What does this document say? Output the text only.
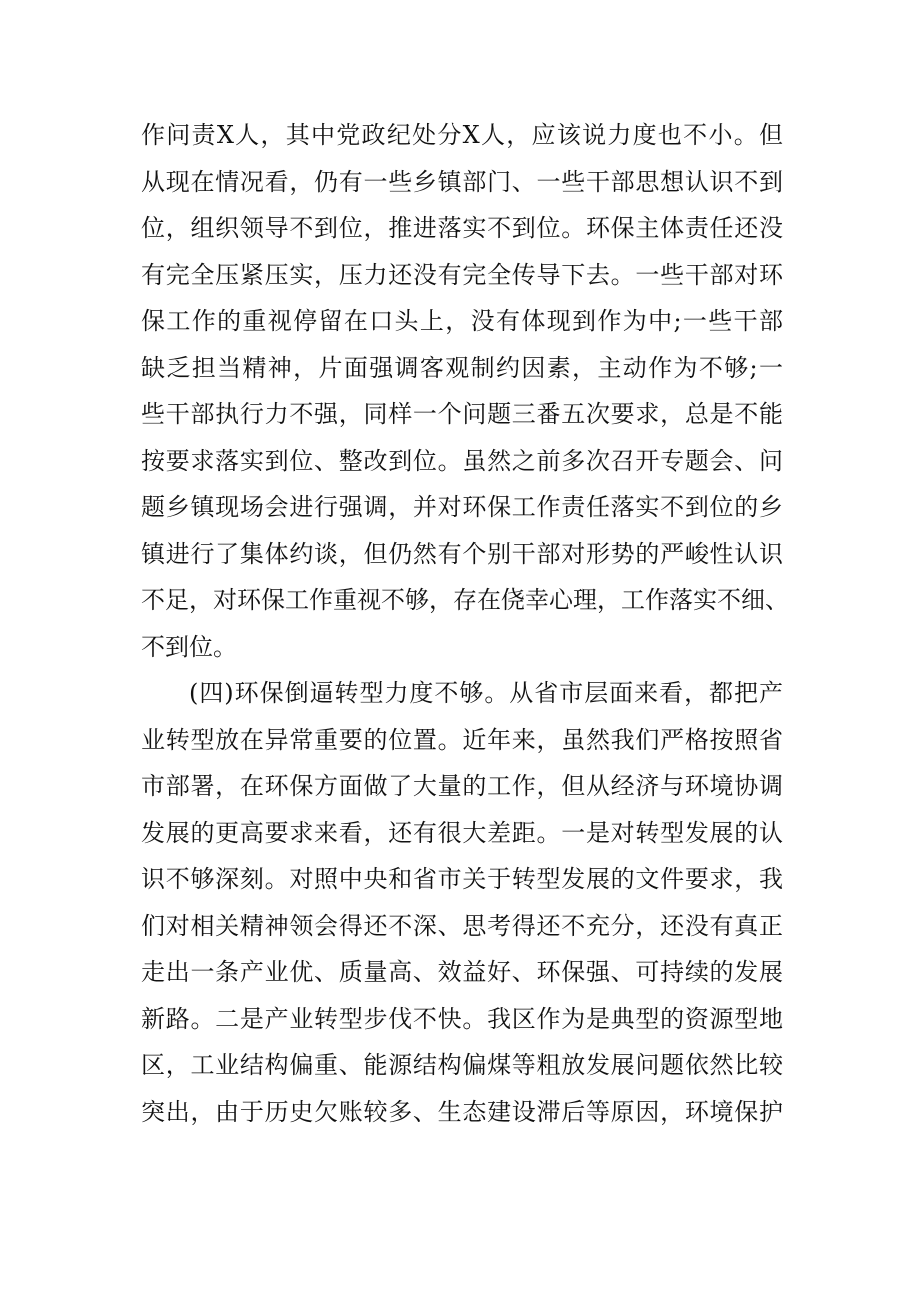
作问责X人，其中党政纪处分X人，应该说力度也不小。但
从现在情况看，仍有一些乡镇部门、一些干部思想认识不到
位，组织领导不到位，推进落实不到位。环保主体责任还没
有完全压紧压实，压力还没有完全传导下去。一些干部对环
保工作的重视停留在口头上，没有体现到作为中;一些干部
缺乏担当精神，片面强调客观制约因素，主动作为不够;一
些干部执行力不强，同样一个问题三番五次要求，总是不能
按要求落实到位、整改到位。虽然之前多次召开专题会、问
题乡镇现场会进行强调，并对环保工作责任落实不到位的乡
镇进行了集体约谈，但仍然有个别干部对形势的严峻性认识
不足，对环保工作重视不够，存在侥幸心理，工作落实不细、
不到位。
(四)环保倒逼转型力度不够。从省市层面来看，都把产
业转型放在异常重要的位置。近年来，虽然我们严格按照省
市部署，在环保方面做了大量的工作，但从经济与环境协调
发展的更高要求来看，还有很大差距。一是对转型发展的认
识不够深刻。对照中央和省市关于转型发展的文件要求，我
们对相关精神领会得还不深、思考得还不充分，还没有真正
走出一条产业优、质量高、效益好、环保强、可持续的发展
新路。二是产业转型步伐不快。我区作为是典型的资源型地
区，工业结构偏重、能源结构偏煤等粗放发展问题依然比较
突出，由于历史欠账较多、生态建设滞后等原因，环境保护
